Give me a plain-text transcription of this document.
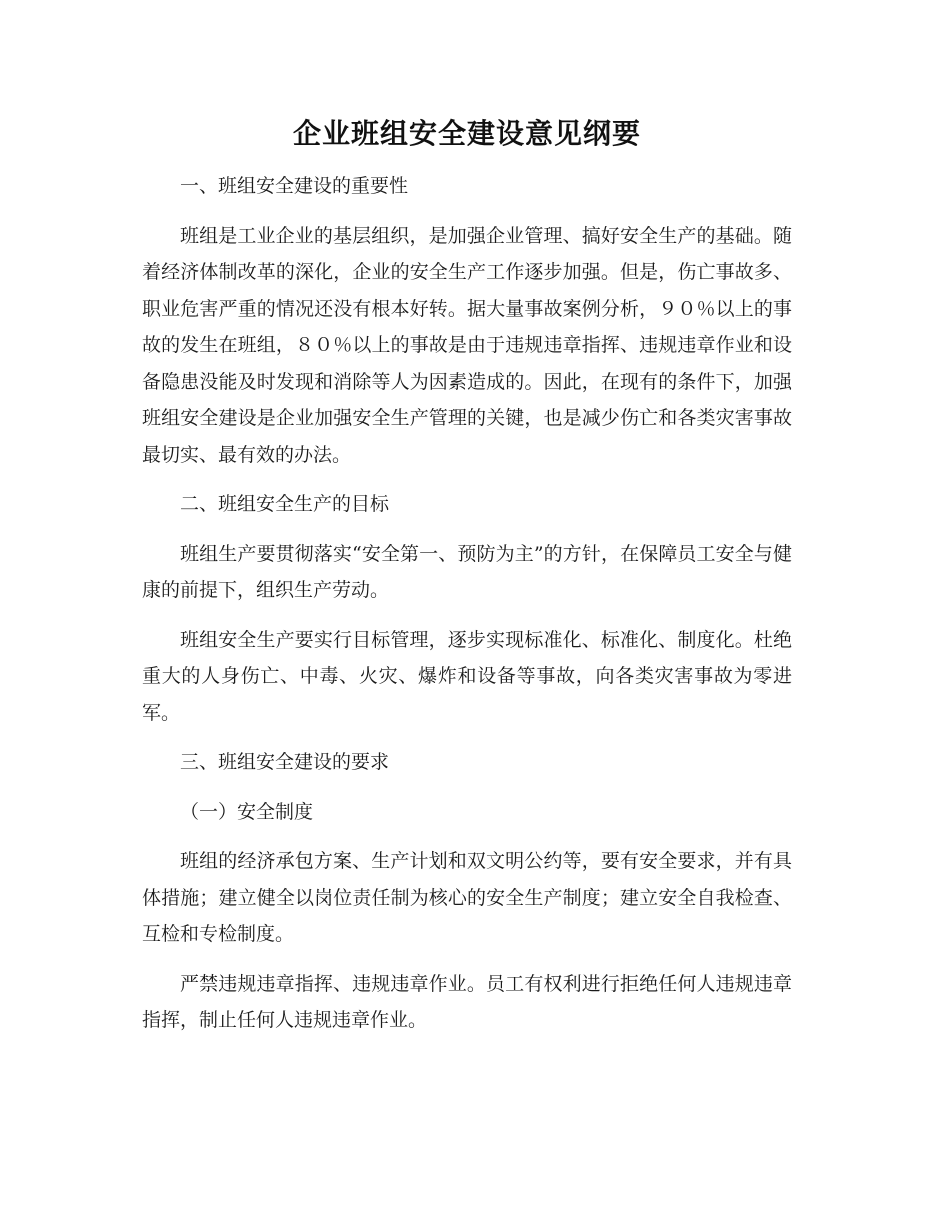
企业班组安全建设意见纲要

一、班组安全建设的重要性

班组是工业企业的基层组织，是加强企业管理、搞好安全生产的基础。随着经济体制改革的深化，企业的安全生产工作逐步加强。但是，伤亡事故多、职业危害严重的情况还没有根本好转。据大量事故案例分析，９０％以上的事故的发生在班组，８０％以上的事故是由于违规违章指挥、违规违章作业和设备隐患没能及时发现和消除等人为因素造成的。因此，在现有的条件下，加强班组安全建设是企业加强安全生产管理的关键，也是减少伤亡和各类灾害事故最切实、最有效的办法。

二、班组安全生产的目标

班组生产要贯彻落实“安全第一、预防为主”的方针，在保障员工安全与健康的前提下，组织生产劳动。

班组安全生产要实行目标管理，逐步实现标准化、标准化、制度化。杜绝重大的人身伤亡、中毒、火灾、爆炸和设备等事故，向各类灾害事故为零进军。

三、班组安全建设的要求

（一）安全制度

班组的经济承包方案、生产计划和双文明公约等，要有安全要求，并有具体措施；建立健全以岗位责任制为核心的安全生产制度；建立安全自我检查、互检和专检制度。

严禁违规违章指挥、违规违章作业。员工有权利进行拒绝任何人违规违章指挥，制止任何人违规违章作业。
